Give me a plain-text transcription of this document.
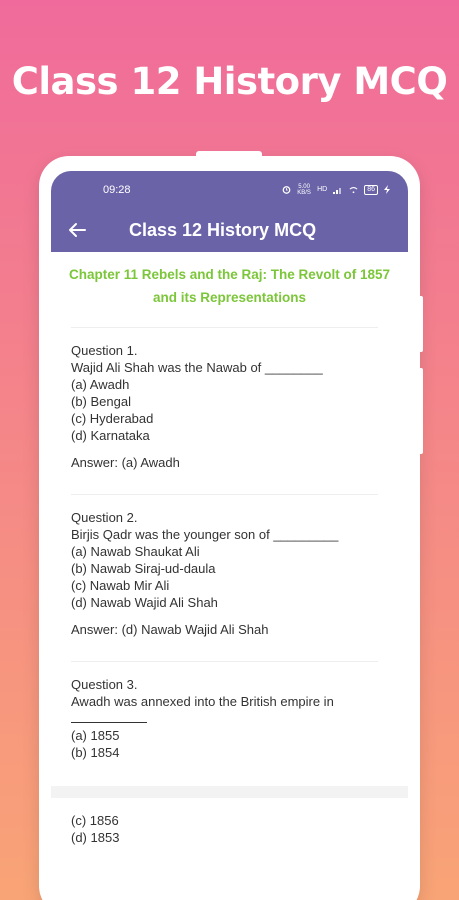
Class 12 History MCQ
09:28	5.00 KB/S HD	86
Class 12 History MCQ
Chapter 11 Rebels and the Raj: The Revolt of 1857 and its Representations
Question 1.
Wajid Ali Shah was the Nawab of ________
(a) Awadh
(b) Bengal
(c) Hyderabad
(d) Karnataka
Answer: (a) Awadh
Question 2.
Birjis Qadr was the younger son of _________
(a) Nawab Shaukat Ali
(b) Nawab Siraj-ud-daula
(c) Nawab Mir Ali
(d) Nawab Wajid Ali Shah
Answer: (d) Nawab Wajid Ali Shah
Question 3.
Awadh was annexed into the British empire in
(a) 1855
(b) 1854
(c) 1856
(d) 1853
